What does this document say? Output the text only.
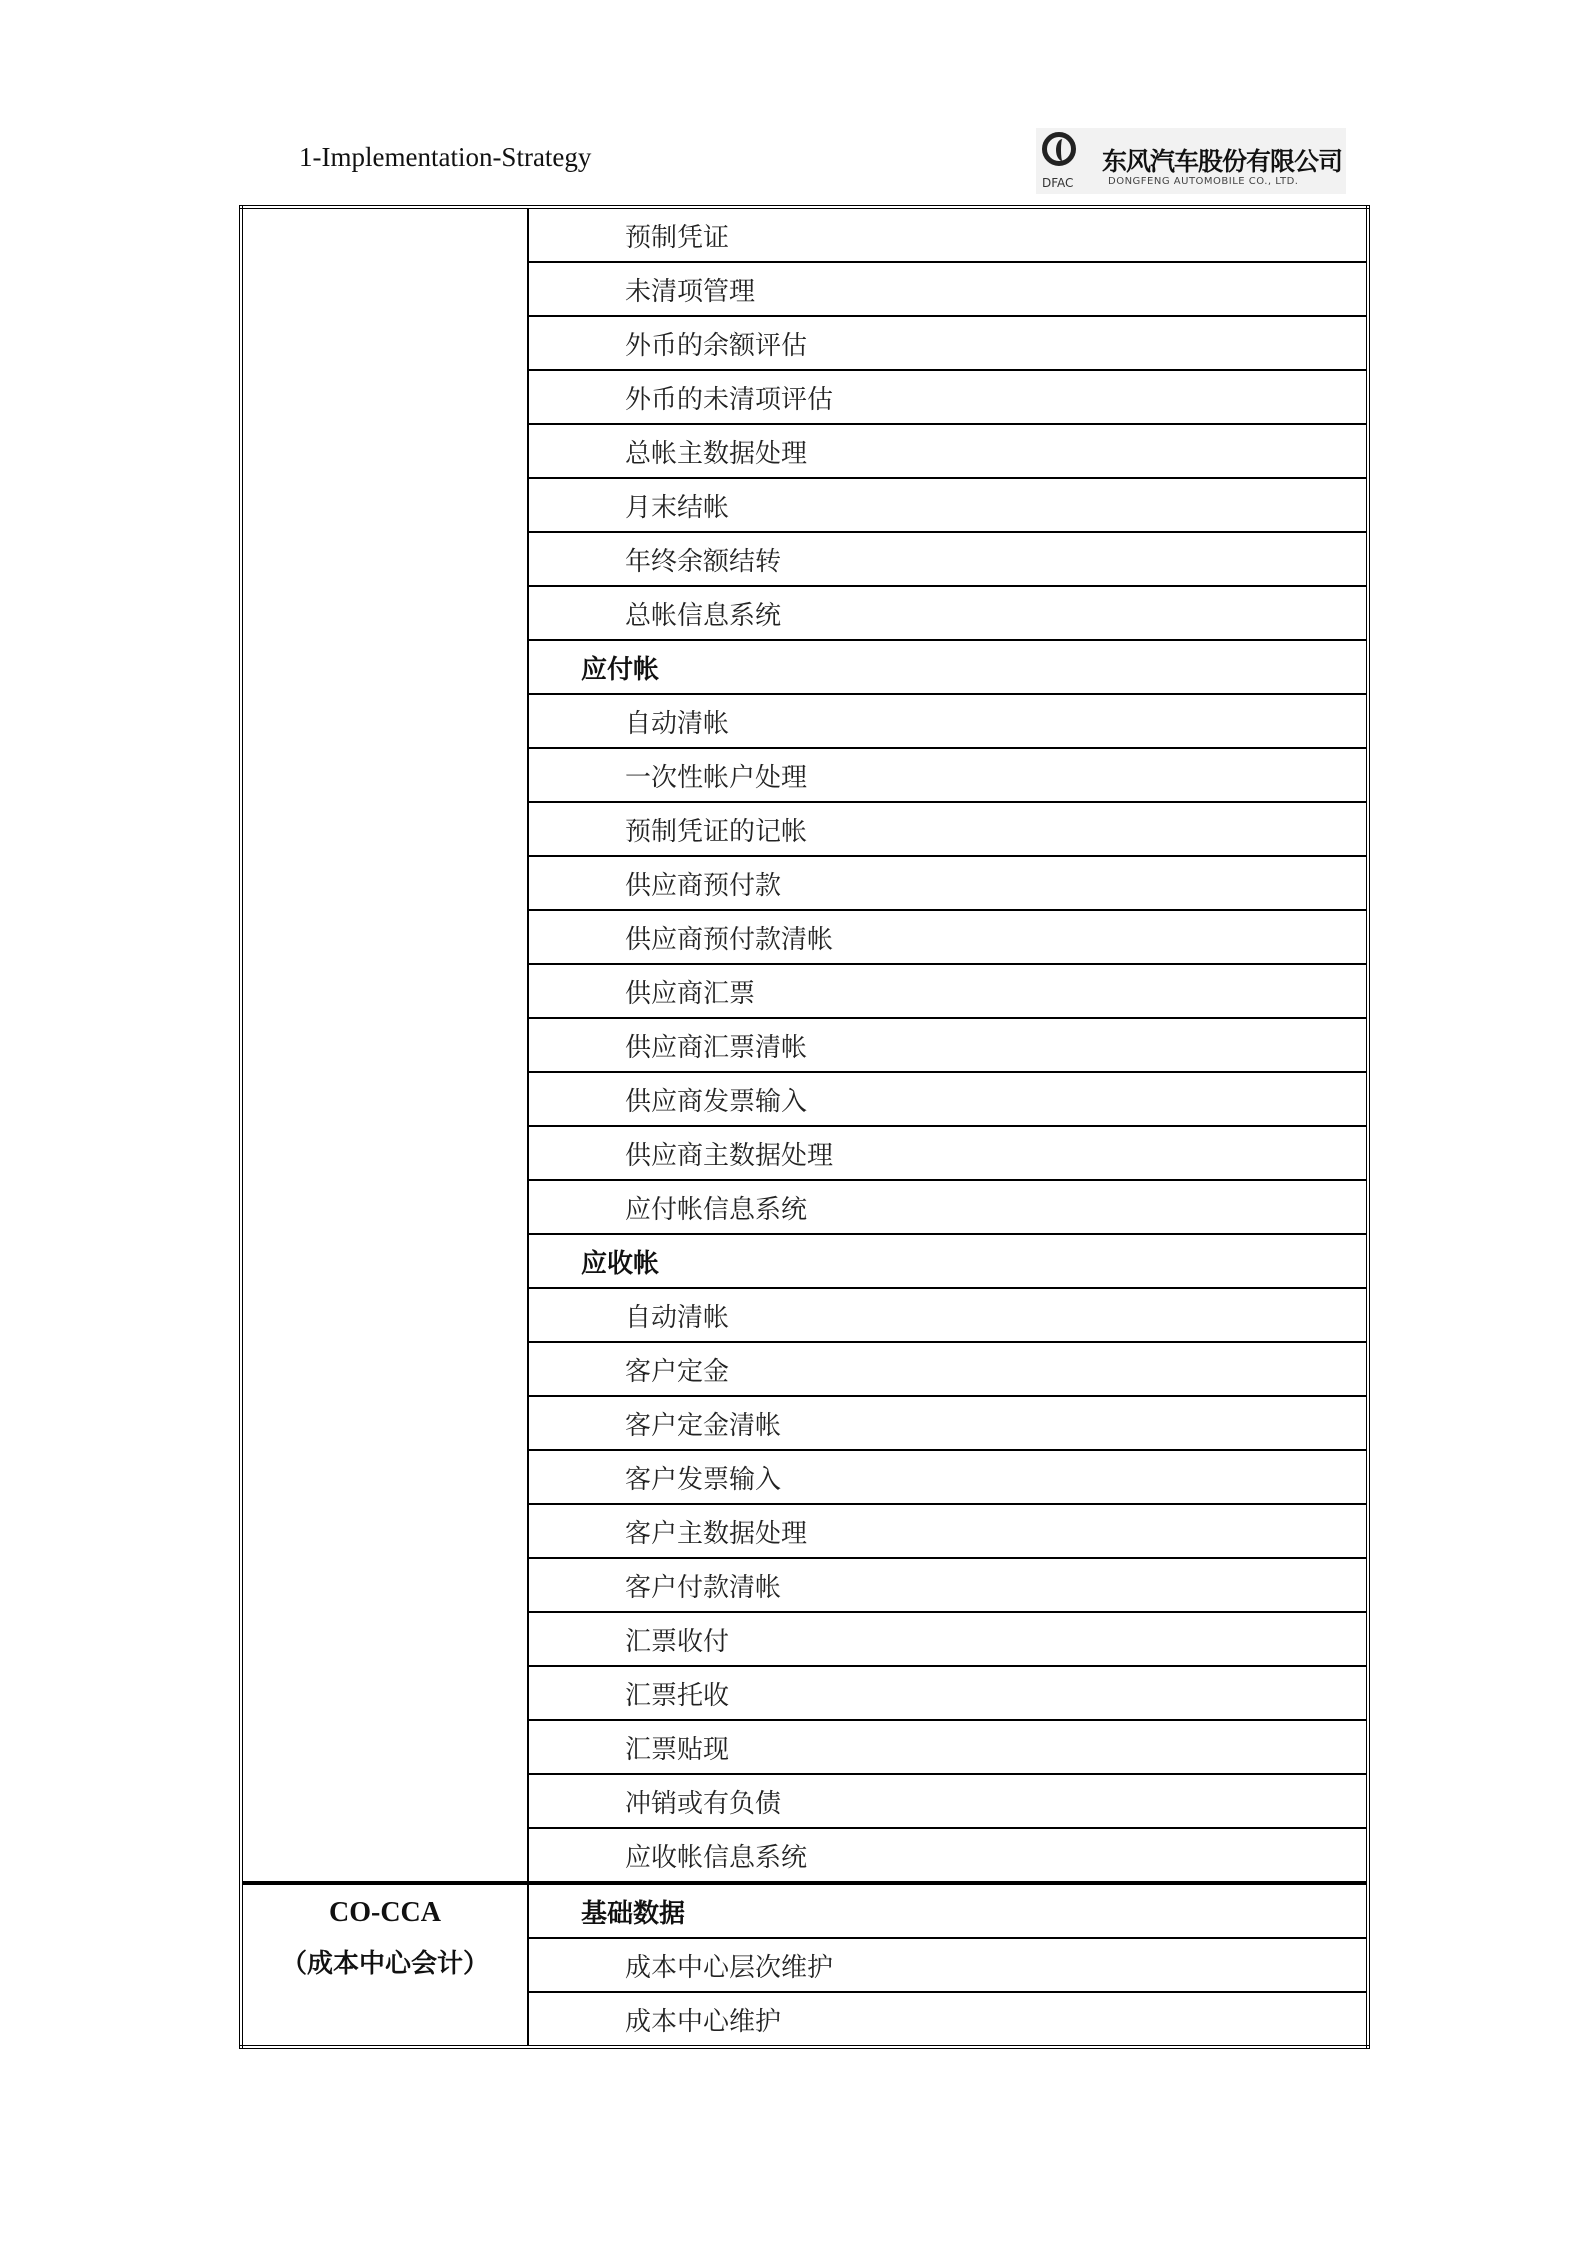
1-Implementation-Strategy
DFAC
东风汽车股份有限公司
DONGFENG AUTOMOBILE CO., LTD.
	预制凭证
	未清项管理
	外币的余额评估
	外币的未清项评估
	总帐主数据处理
	月末结帐
	年终余额结转
	总帐信息系统
	应付帐
	自动清帐
	一次性帐户处理
	预制凭证的记帐
	供应商预付款
	供应商预付款清帐
	供应商汇票
	供应商汇票清帐
	供应商发票输入
	供应商主数据处理
	应付帐信息系统
	应收帐
	自动清帐
	客户定金
	客户定金清帐
	客户发票输入
	客户主数据处理
	客户付款清帐
	汇票收付
	汇票托收
	汇票贴现
	冲销或有负债
	应收帐信息系统

CO-CCA
（成本中心会计）	基础数据
	成本中心层次维护
	成本中心维护
